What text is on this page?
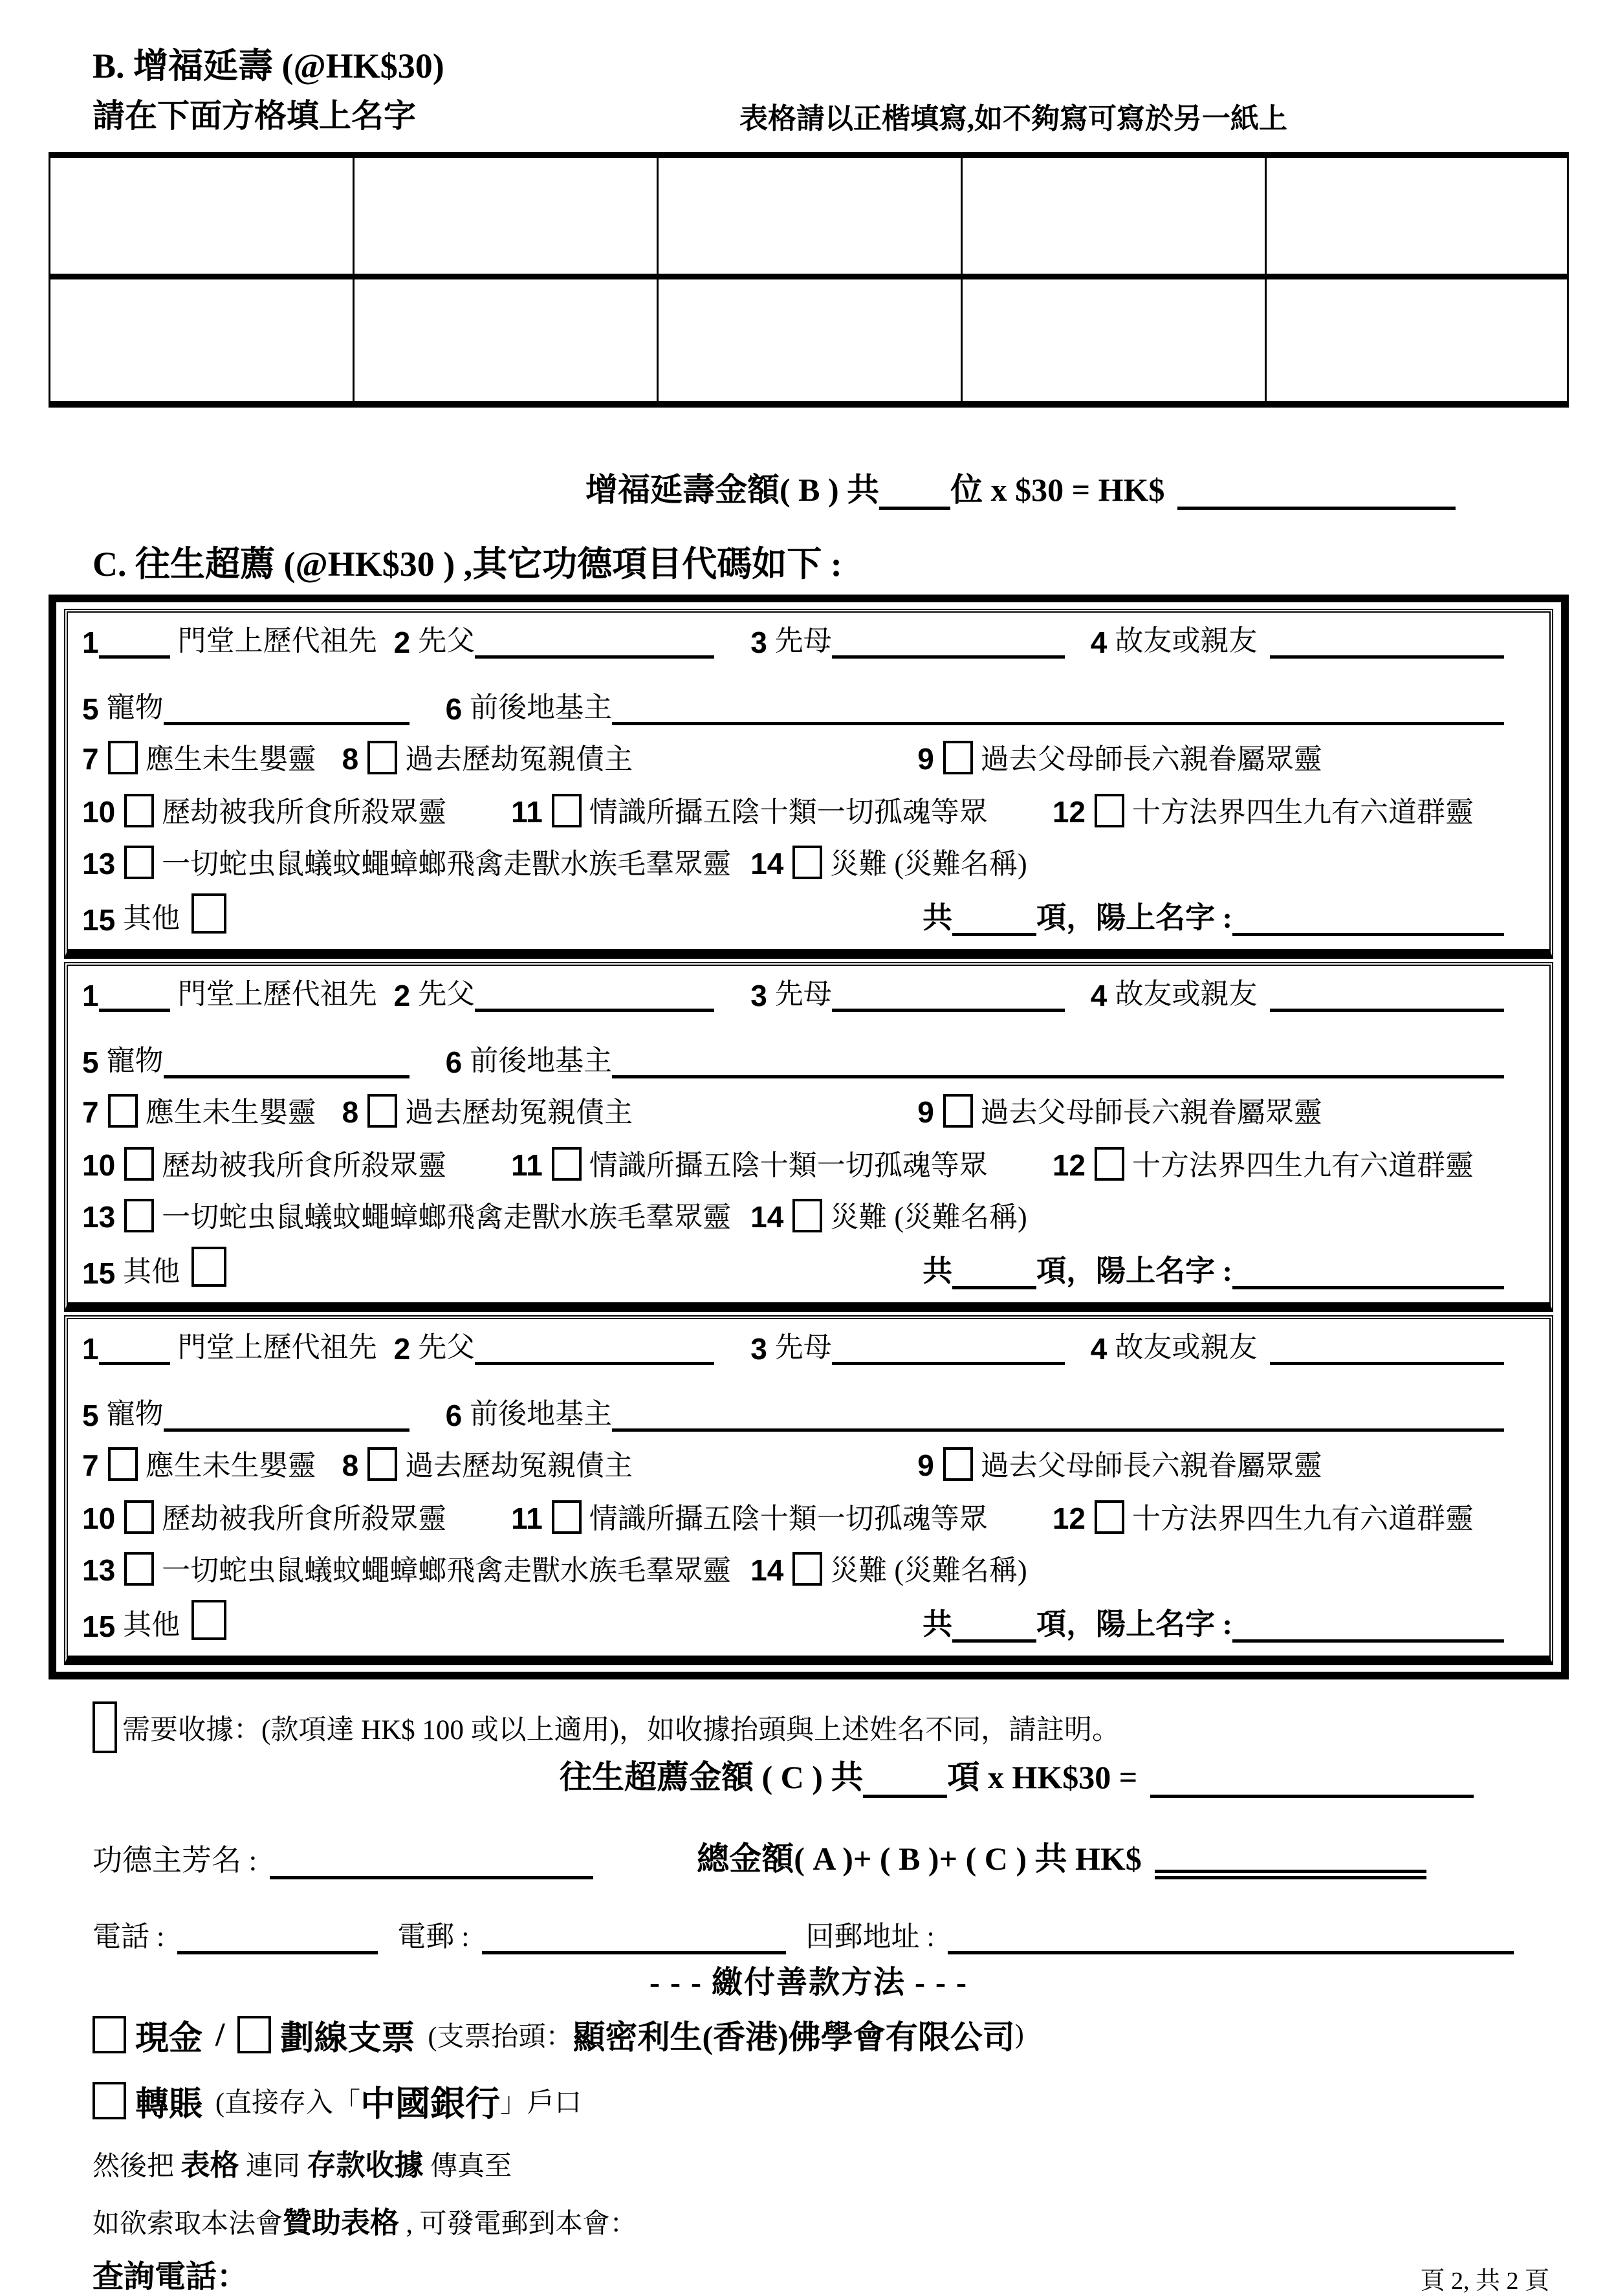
B. 增福延壽 (@HK$30)
請在下面方格填上名字	表格請以正楷填寫,如不夠寫可寫於另一紙上
增福延壽金額( B ) 共 位 x $30 = HK$
C. 往生超薦 (@HK$30 ) ,其它功德項目代碼如下 :
1	門堂上歷代祖先 2 先父	3 先母	4 故友或親友
5 寵物	6 前後地基主
7 應生未生嬰靈 8 過去歷劫冤親債主	9 過去父母師長六親眷屬眾靈
10 歷劫被我所食所殺眾靈 11 情識所攝五陰十類一切孤魂等眾 12 十方法界四生九有六道群靈
13 一切蛇虫鼠蟻蚊蠅蟑螂飛禽走獸水族毛羣眾靈 14 災難 (災難名稱)
15 其他	共	項，陽上名字 :
1	門堂上歷代祖先 2 先父	3 先母	4 故友或親友
5 寵物	6 前後地基主
7 應生未生嬰靈 8 過去歷劫冤親債主	9 過去父母師長六親眷屬眾靈
10 歷劫被我所食所殺眾靈 11 情識所攝五陰十類一切孤魂等眾 12 十方法界四生九有六道群靈
13 一切蛇虫鼠蟻蚊蠅蟑螂飛禽走獸水族毛羣眾靈 14 災難 (災難名稱)
15 其他	共	項，陽上名字 :
1	門堂上歷代祖先 2 先父	3 先母	4 故友或親友
5 寵物	6 前後地基主
7 應生未生嬰靈 8 過去歷劫冤親債主	9 過去父母師長六親眷屬眾靈
10 歷劫被我所食所殺眾靈 11 情識所攝五陰十類一切孤魂等眾 12 十方法界四生九有六道群靈
13 一切蛇虫鼠蟻蚊蠅蟑螂飛禽走獸水族毛羣眾靈 14 災難 (災難名稱)
15 其他	共	項，陽上名字 :
需要收據： (款項達 HK$ 100 或以上適用)，如收據抬頭與上述姓名不同，請註明。
往生超薦金額 ( C ) 共	項 x HK$30 =
功德主芳名 :	總金額( A )+ ( B )+ ( C ) 共 HK$
電話 :	電郵 :	回郵地址 :
- - - 繳付善款方法 - - -
現金 / 劃線支票 (支票抬頭： 顯密利生(香港)佛學會有限公司 )
轉賬 (直接存入「 中國銀行 」戶口
然後把 表格 連同 存款收據 傳真至
如欲索取本法會贊助表格 , 可發電郵到本會：
查詢電話：	頁 2, 共 2 頁
